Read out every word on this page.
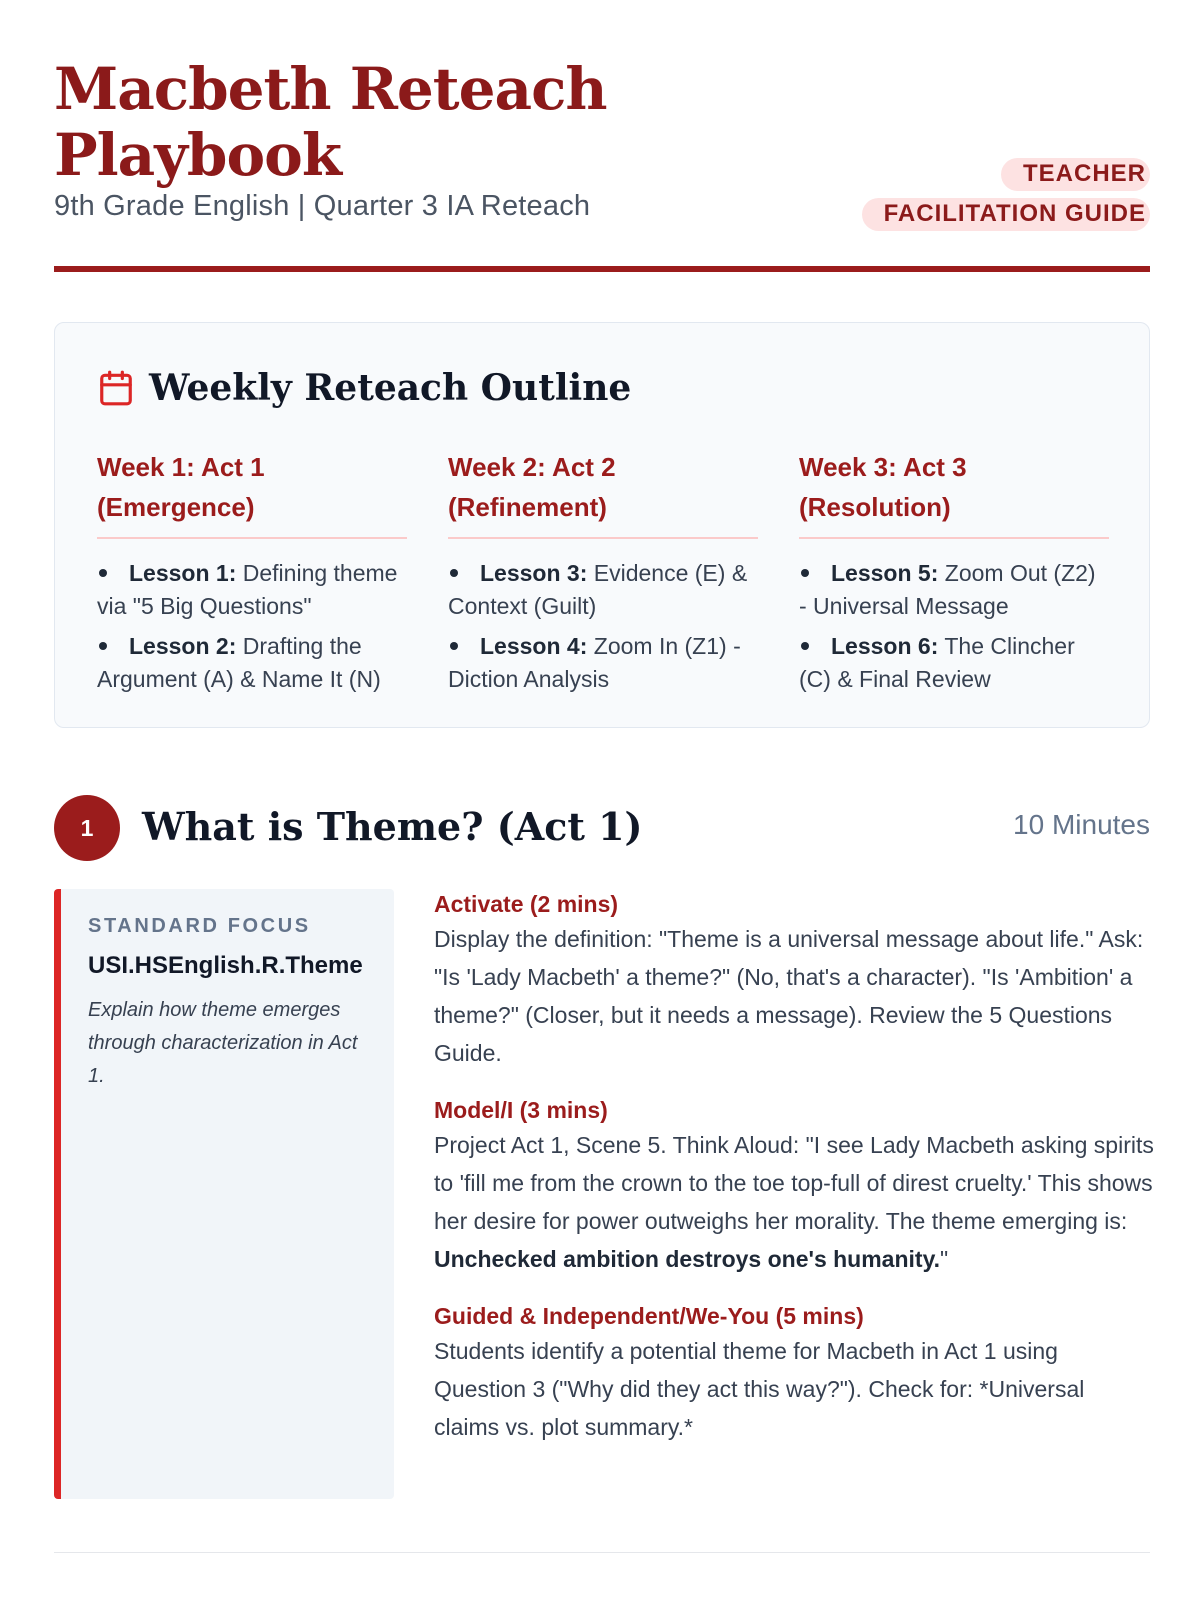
Macbeth Reteach Playbook
9th Grade English | Quarter 3 IA Reteach
TEACHER FACILITATION GUIDE
Weekly Reteach Outline
Week 1: Act 1 (Emergence)
Lesson 1: Defining theme via "5 Big Questions"
Lesson 2: Drafting the Argument (A) & Name It (N)
Week 2: Act 2 (Refinement)
Lesson 3: Evidence (E) & Context (Guilt)
Lesson 4: Zoom In (Z1) - Diction Analysis
Week 3: Act 3 (Resolution)
Lesson 5: Zoom Out (Z2) - Universal Message
Lesson 6: The Clincher (C) & Final Review
1	What is Theme? (Act 1)	10 Minutes
STANDARD FOCUS
USI.HSEnglish.R.Theme
Explain how theme emerges through characterization in Act 1.
Activate (2 mins)
Display the definition: "Theme is a universal message about life." Ask: "Is 'Lady Macbeth' a theme?" (No, that's a character). "Is 'Ambition' a theme?" (Closer, but it needs a message). Review the 5 Questions Guide.
Model/I (3 mins)
Project Act 1, Scene 5. Think Aloud: "I see Lady Macbeth asking spirits to 'fill me from the crown to the toe top-full of direst cruelty.' This shows her desire for power outweighs her morality. The theme emerging is: Unchecked ambition destroys one's humanity."
Guided & Independent/We-You (5 mins)
Students identify a potential theme for Macbeth in Act 1 using Question 3 ("Why did they act this way?"). Check for: *Universal claims vs. plot summary.*
